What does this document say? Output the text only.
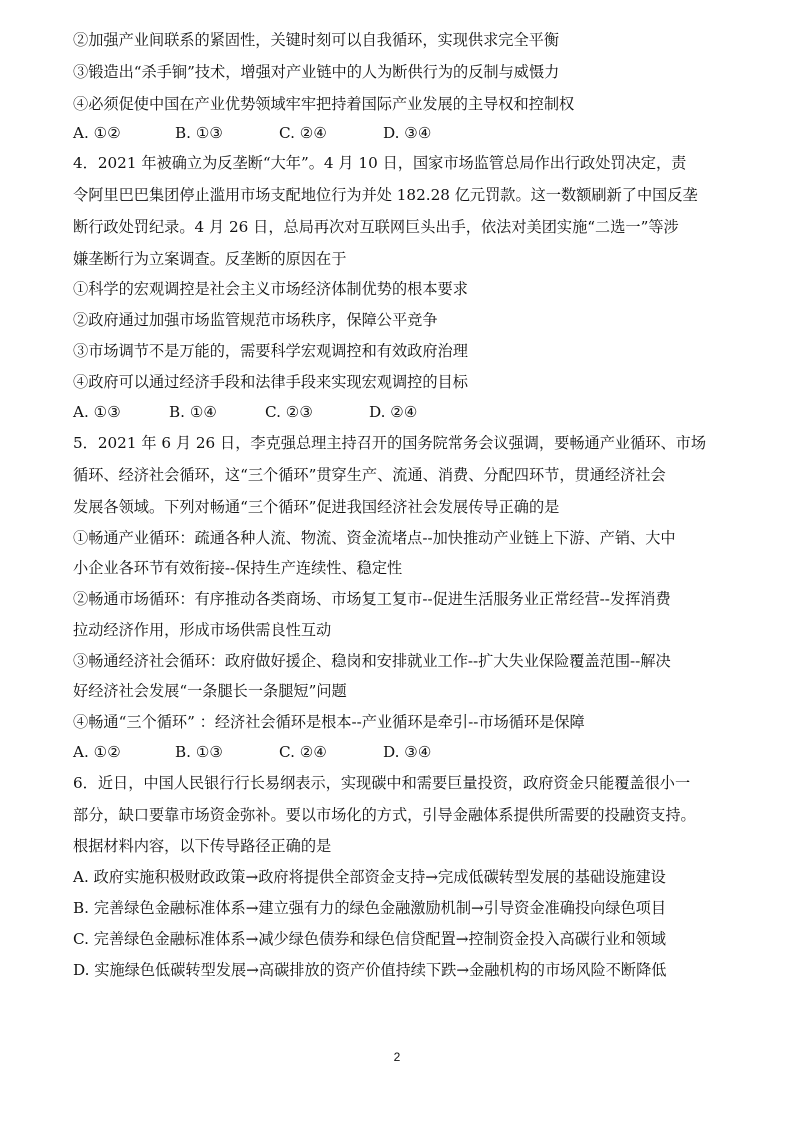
②加强产业间联系的紧固性，关键时刻可以自我循环，实现供求完全平衡
③锻造出“杀手锏”技术，增强对产业链中的人为断供行为的反制与威慑力
④必须促使中国在产业优势领域牢牢把持着国际产业发展的主导权和控制权
A. ①②	B. ①③	C. ②④	D. ③④
4．2021 年被确立为反垄断“大年”。4 月 10 日，国家市场监管总局作出行政处罚决定，责
令阿里巴巴集团停止滥用市场支配地位行为并处 182.28 亿元罚款。这一数额刷新了中国反垄
断行政处罚纪录。4 月 26 日，总局再次对互联网巨头出手，依法对美团实施“二选一”等涉
嫌垄断行为立案调查。反垄断的原因在于
①科学的宏观调控是社会主义市场经济体制优势的根本要求
②政府通过加强市场监管规范市场秩序，保障公平竞争
③市场调节不是万能的，需要科学宏观调控和有效政府治理
④政府可以通过经济手段和法律手段来实现宏观调控的目标
A. ①③	B. ①④	C. ②③	D. ②④
5．2021 年 6 月 26 日，李克强总理主持召开的国务院常务会议强调，要畅通产业循环、市场
循环、经济社会循环，这“三个循环”贯穿生产、流通、消费、分配四环节，贯通经济社会
发展各领域。下列对畅通“三个循环”促进我国经济社会发展传导正确的是
①畅通产业循环：疏通各种人流、物流、资金流堵点--加快推动产业链上下游、产销、大中
小企业各环节有效衔接--保持生产连续性、稳定性
②畅通市场循环：有序推动各类商场、市场复工复市--促进生活服务业正常经营--发挥消费
拉动经济作用，形成市场供需良性互动
③畅通经济社会循环：政府做好援企、稳岗和安排就业工作--扩大失业保险覆盖范围--解决
好经济社会发展“一条腿长一条腿短”问题
④畅通“三个循环” ：经济社会循环是根本--产业循环是牵引--市场循环是保障
A. ①②	B. ①③	C. ②④	D. ③④
6．近日，中国人民银行行长易纲表示，实现碳中和需要巨量投资，政府资金只能覆盖很小一
部分，缺口要靠市场资金弥补。要以市场化的方式，引导金融体系提供所需要的投融资支持。
根据材料内容，以下传导路径正确的是
A. 政府实施积极财政政策→政府将提供全部资金支持→完成低碳转型发展的基础设施建设
B. 完善绿色金融标准体系→建立强有力的绿色金融激励机制→引导资金准确投向绿色项目
C. 完善绿色金融标准体系→减少绿色债券和绿色信贷配置→控制资金投入高碳行业和领域
D. 实施绿色低碳转型发展→高碳排放的资产价值持续下跌→金融机构的市场风险不断降低
2
